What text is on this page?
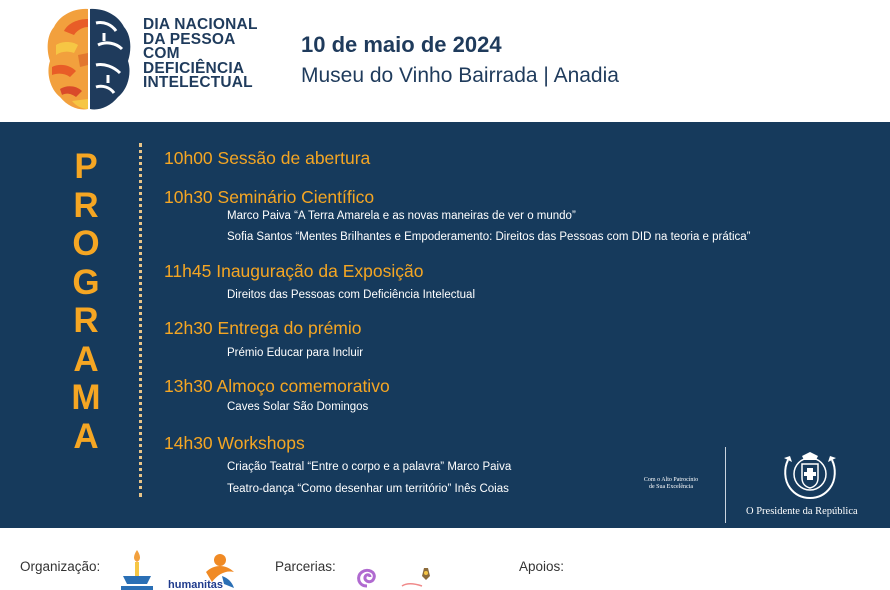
DIA NACIONAL
DA PESSOA
COM
DEFICIÊNCIA
INTELECTUAL
10 de maio de 2024
Museu do Vinho Bairrada | Anadia
P
R
O
G
R
A
M
A
10h00 Sessão de abertura
10h30 Seminário Científico
Marco Paiva “A Terra Amarela e as novas maneiras de ver o mundo”
Sofia Santos “Mentes Brilhantes e Empoderamento: Direitos das Pessoas com DID na teoria e prática”
11h45 Inauguração da Exposição
Direitos das Pessoas com Deficiência Intelectual
12h30 Entrega do prémio
Prémio Educar para Incluir
13h30 Almoço comemorativo
Caves Solar São Domingos
14h30 Workshops
Criação Teatral “Entre o corpo e a palavra” Marco Paiva
Teatro-dança “Como desenhar um território” Inês Coias
Com o Alto Patrocínio
de Sua Excelência
O Presidente da República
Organização:
humanitas
Parcerias:	Apoios:
